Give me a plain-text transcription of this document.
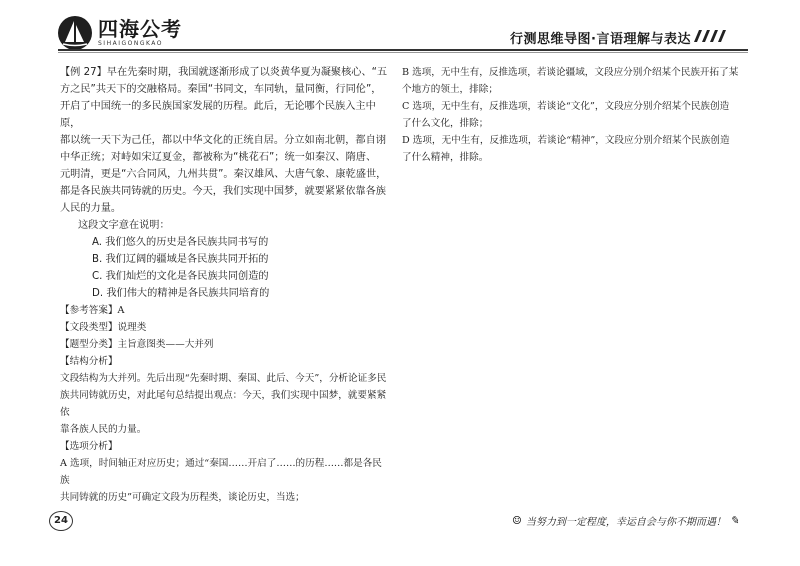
四海公考
SIHAIGONGKAO	行测思维导图·言语理解与表达

【例 27】早在先秦时期，我国就逐渐形成了以炎黄华夏为凝聚核心、“五

方之民”共天下的交融格局。秦国“书同文，车同轨，量同衡，行同伦”，

开启了中国统一的多民族国家发展的历程。此后，无论哪个民族入主中原，

都以统一天下为己任，都以中华文化的正统自居。分立如南北朝，都自诩

中华正统；对峙如宋辽夏金，都被称为“桃花石”；统一如秦汉、隋唐、

元明清，更是“六合同风，九州共贯”。秦汉雄风、大唐气象、康乾盛世，

都是各民族共同铸就的历史。今天，我们实现中国梦，就要紧紧依靠各族

人民的力量。

这段文字意在说明：

A. 我们悠久的历史是各民族共同书写的

B. 我们辽阔的疆域是各民族共同开拓的

C. 我们灿烂的文化是各民族共同创造的

D. 我们伟大的精神是各民族共同培育的

【参考答案】A

【文段类型】说理类

【题型分类】主旨意图类——大并列

【结构分析】

文段结构为大并列。先后出现“先秦时期、秦国、此后、今天”，分析论证多民

族共同铸就历史，对此尾句总结提出观点：今天，我们实现中国梦，就要紧紧依

靠各族人民的力量。

【选项分析】

A 选项，时间轴正对应历史；通过“秦国……开启了……的历程……都是各民族

共同铸就的历史”可确定文段为历程类，谈论历史，当选；

B 选项，无中生有，反推选项，若谈论疆域，文段应分别介绍某个民族开拓了某

个地方的领土，排除；

C 选项，无中生有，反推选项，若谈论“文化”，文段应分别介绍某个民族创造

了什么文化，排除；

D 选项，无中生有，反推选项，若谈论“精神”，文段应分别介绍某个民族创造

了什么精神，排除。

24	☺ 当努力到一定程度，幸运自会与你不期而遇！ ✎
